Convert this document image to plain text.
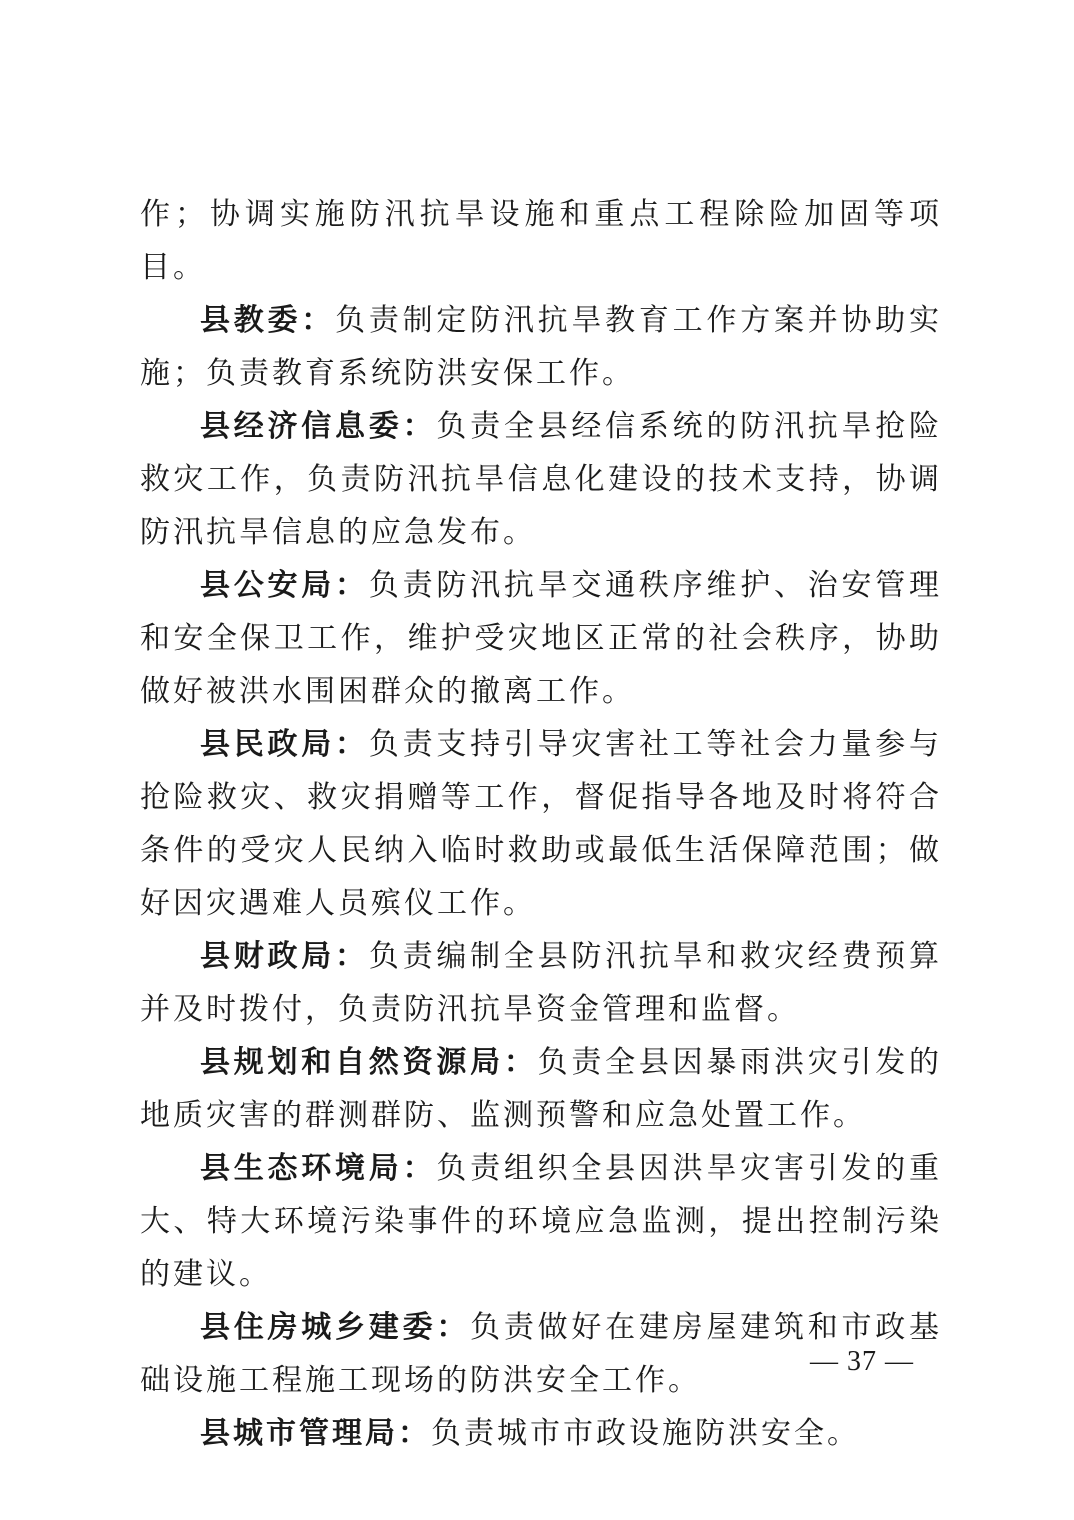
作；协调实施防汛抗旱设施和重点工程除险加固等项目。

县教委：负责制定防汛抗旱教育工作方案并协助实施；负责教育系统防洪安保工作。

县经济信息委：负责全县经信系统的防汛抗旱抢险救灾工作，负责防汛抗旱信息化建设的技术支持，协调防汛抗旱信息的应急发布。

县公安局：负责防汛抗旱交通秩序维护、治安管理和安全保卫工作，维护受灾地区正常的社会秩序，协助做好被洪水围困群众的撤离工作。

县民政局：负责支持引导灾害社工等社会力量参与抢险救灾、救灾捐赠等工作，督促指导各地及时将符合条件的受灾人民纳入临时救助或最低生活保障范围；做好因灾遇难人员殡仪工作。

县财政局：负责编制全县防汛抗旱和救灾经费预算并及时拨付，负责防汛抗旱资金管理和监督。

县规划和自然资源局：负责全县因暴雨洪灾引发的地质灾害的群测群防、监测预警和应急处置工作。

县生态环境局：负责组织全县因洪旱灾害引发的重大、特大环境污染事件的环境应急监测，提出控制污染的建议。

县住房城乡建委：负责做好在建房屋建筑和市政基础设施工程施工现场的防洪安全工作。

县城市管理局：负责城市市政设施防洪安全。

— 37 —
